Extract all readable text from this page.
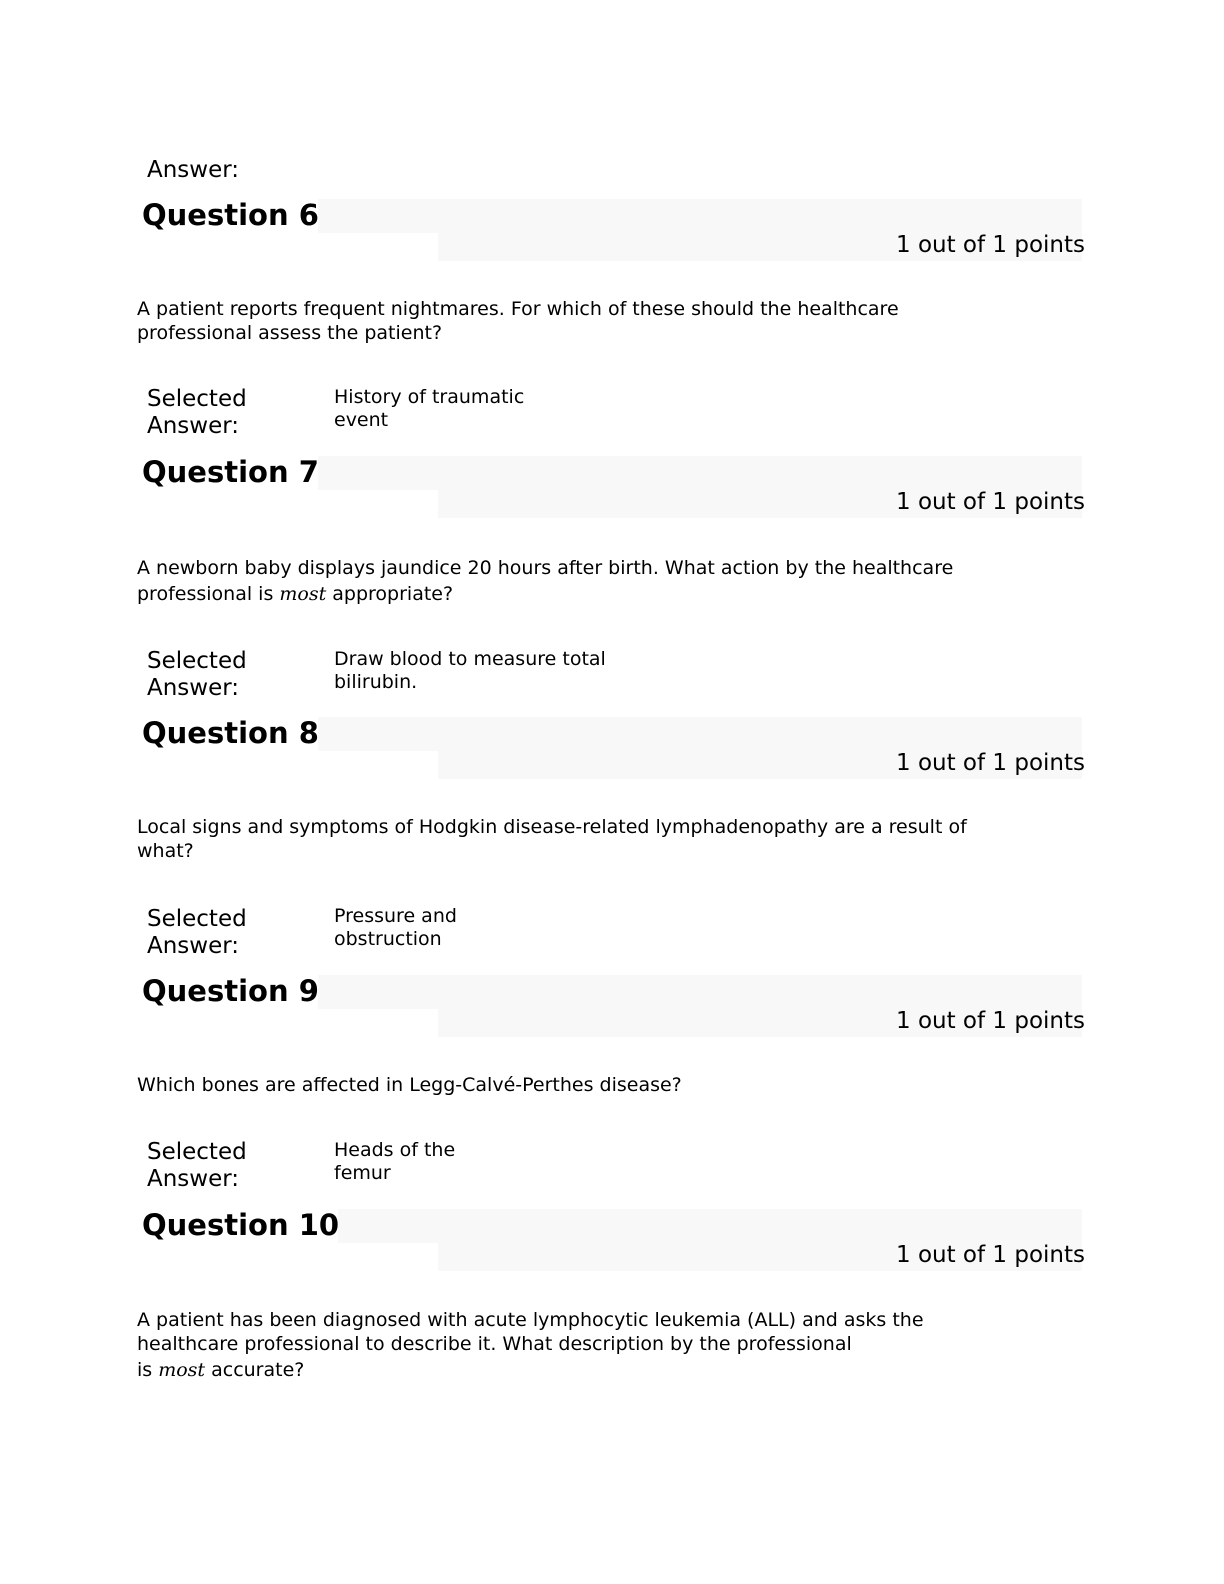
Answer:
Question 6
1 out of 1 points
A patient reports frequent nightmares. For which of these should the healthcare
professional assess the patient?
Selected
Answer:
History of traumatic event
Question 7
1 out of 1 points
A newborn baby displays jaundice 20 hours after birth. What action by the healthcare
professional is most appropriate?
Selected
Answer:
Draw blood to measure total bilirubin.
Question 8
1 out of 1 points
Local signs and symptoms of Hodgkin disease-related lymphadenopathy are a result of
what?
Selected
Answer:
Pressure and obstruction
Question 9
1 out of 1 points
Which bones are affected in Legg-Calvé-Perthes disease?
Selected
Answer:
Heads of the femur
Question 10
1 out of 1 points
A patient has been diagnosed with acute lymphocytic leukemia (ALL) and asks the
healthcare professional to describe it. What description by the professional
is most accurate?
